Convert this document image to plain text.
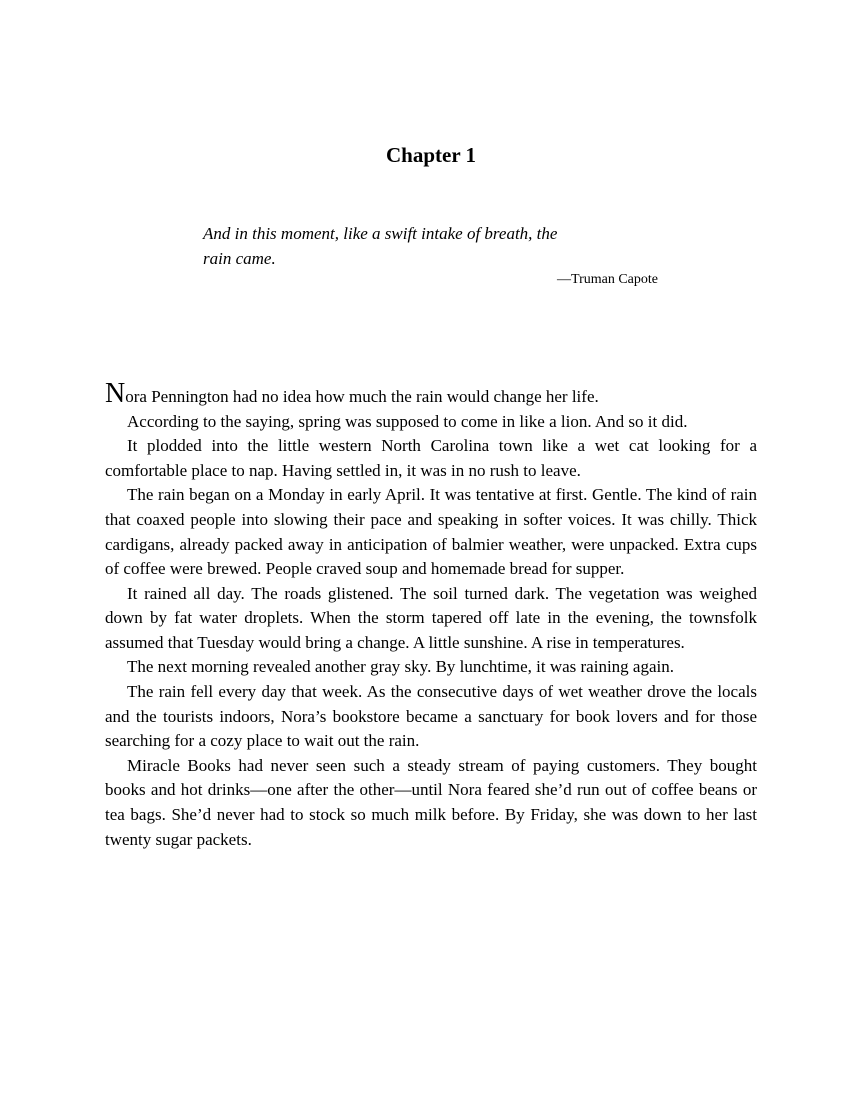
Chapter 1
And in this moment, like a swift intake of breath, the
rain came.
—Truman Capote

Nora Pennington had no idea how much the rain would change her life.

According to the saying, spring was supposed to come in like a lion. And so it did.

It plodded into the little western North Carolina town like a wet cat looking for a comfortable place to nap. Having settled in, it was in no rush to leave.

The rain began on a Monday in early April. It was tentative at first. Gentle. The kind of rain that coaxed people into slowing their pace and speaking in softer voices. It was chilly. Thick cardigans, already packed away in anticipation of balmier weather, were unpacked. Extra cups of coffee were brewed. People craved soup and homemade bread for supper.

It rained all day. The roads glistened. The soil turned dark. The vegetation was weighed down by fat water droplets. When the storm tapered off late in the evening, the townsfolk assumed that Tuesday would bring a change. A little sunshine. A rise in temperatures.

The next morning revealed another gray sky. By lunchtime, it was raining again.

The rain fell every day that week. As the consecutive days of wet weather drove the locals and the tourists indoors, Nora’s bookstore became a sanctuary for book lovers and for those searching for a cozy place to wait out the rain.

Miracle Books had never seen such a steady stream of paying customers. They bought books and hot drinks—one after the other—until Nora feared she’d run out of coffee beans or tea bags. She’d never had to stock so much milk before. By Friday, she was down to her last twenty sugar packets.
